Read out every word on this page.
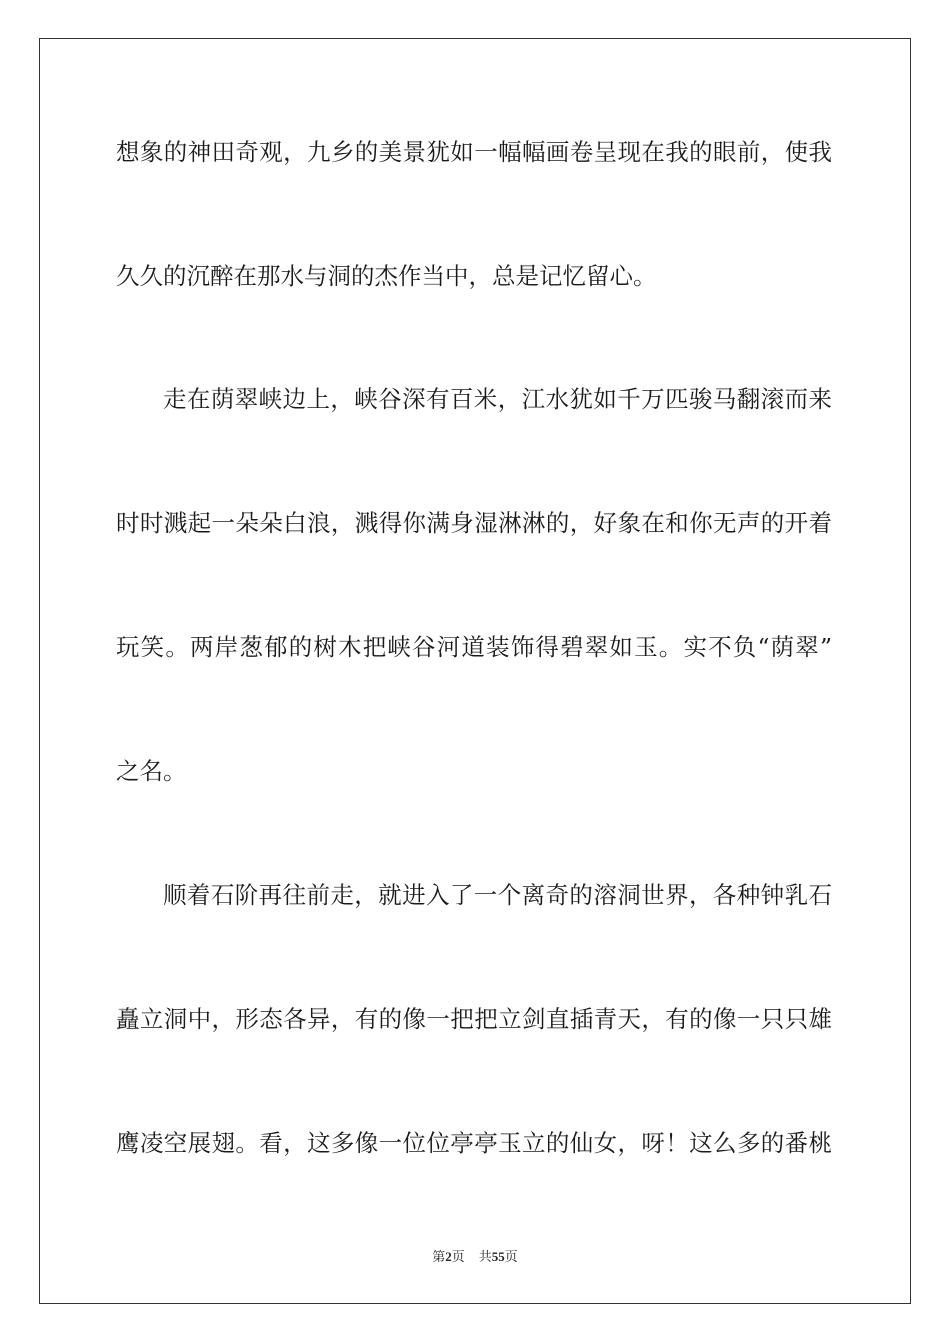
想象的神田奇观，九乡的美景犹如一幅幅画卷呈现在我的眼前，使我
久久的沉醉在那水与洞的杰作当中，总是记忆留心。
走在荫翠峡边上，峡谷深有百米，江水犹如千万匹骏马翻滚而来
时时溅起一朵朵白浪，溅得你满身湿淋淋的，好象在和你无声的开着
玩笑。两岸葱郁的树木把峡谷河道装饰得碧翠如玉。实不负“荫翠”
之名。
顺着石阶再往前走，就进入了一个离奇的溶洞世界，各种钟乳石
矗立洞中，形态各异，有的像一把把立剑直插青天，有的像一只只雄
鹰凌空展翅。看，这多像一位位亭亭玉立的仙女，呀！这么多的番桃
第2页 共55页
